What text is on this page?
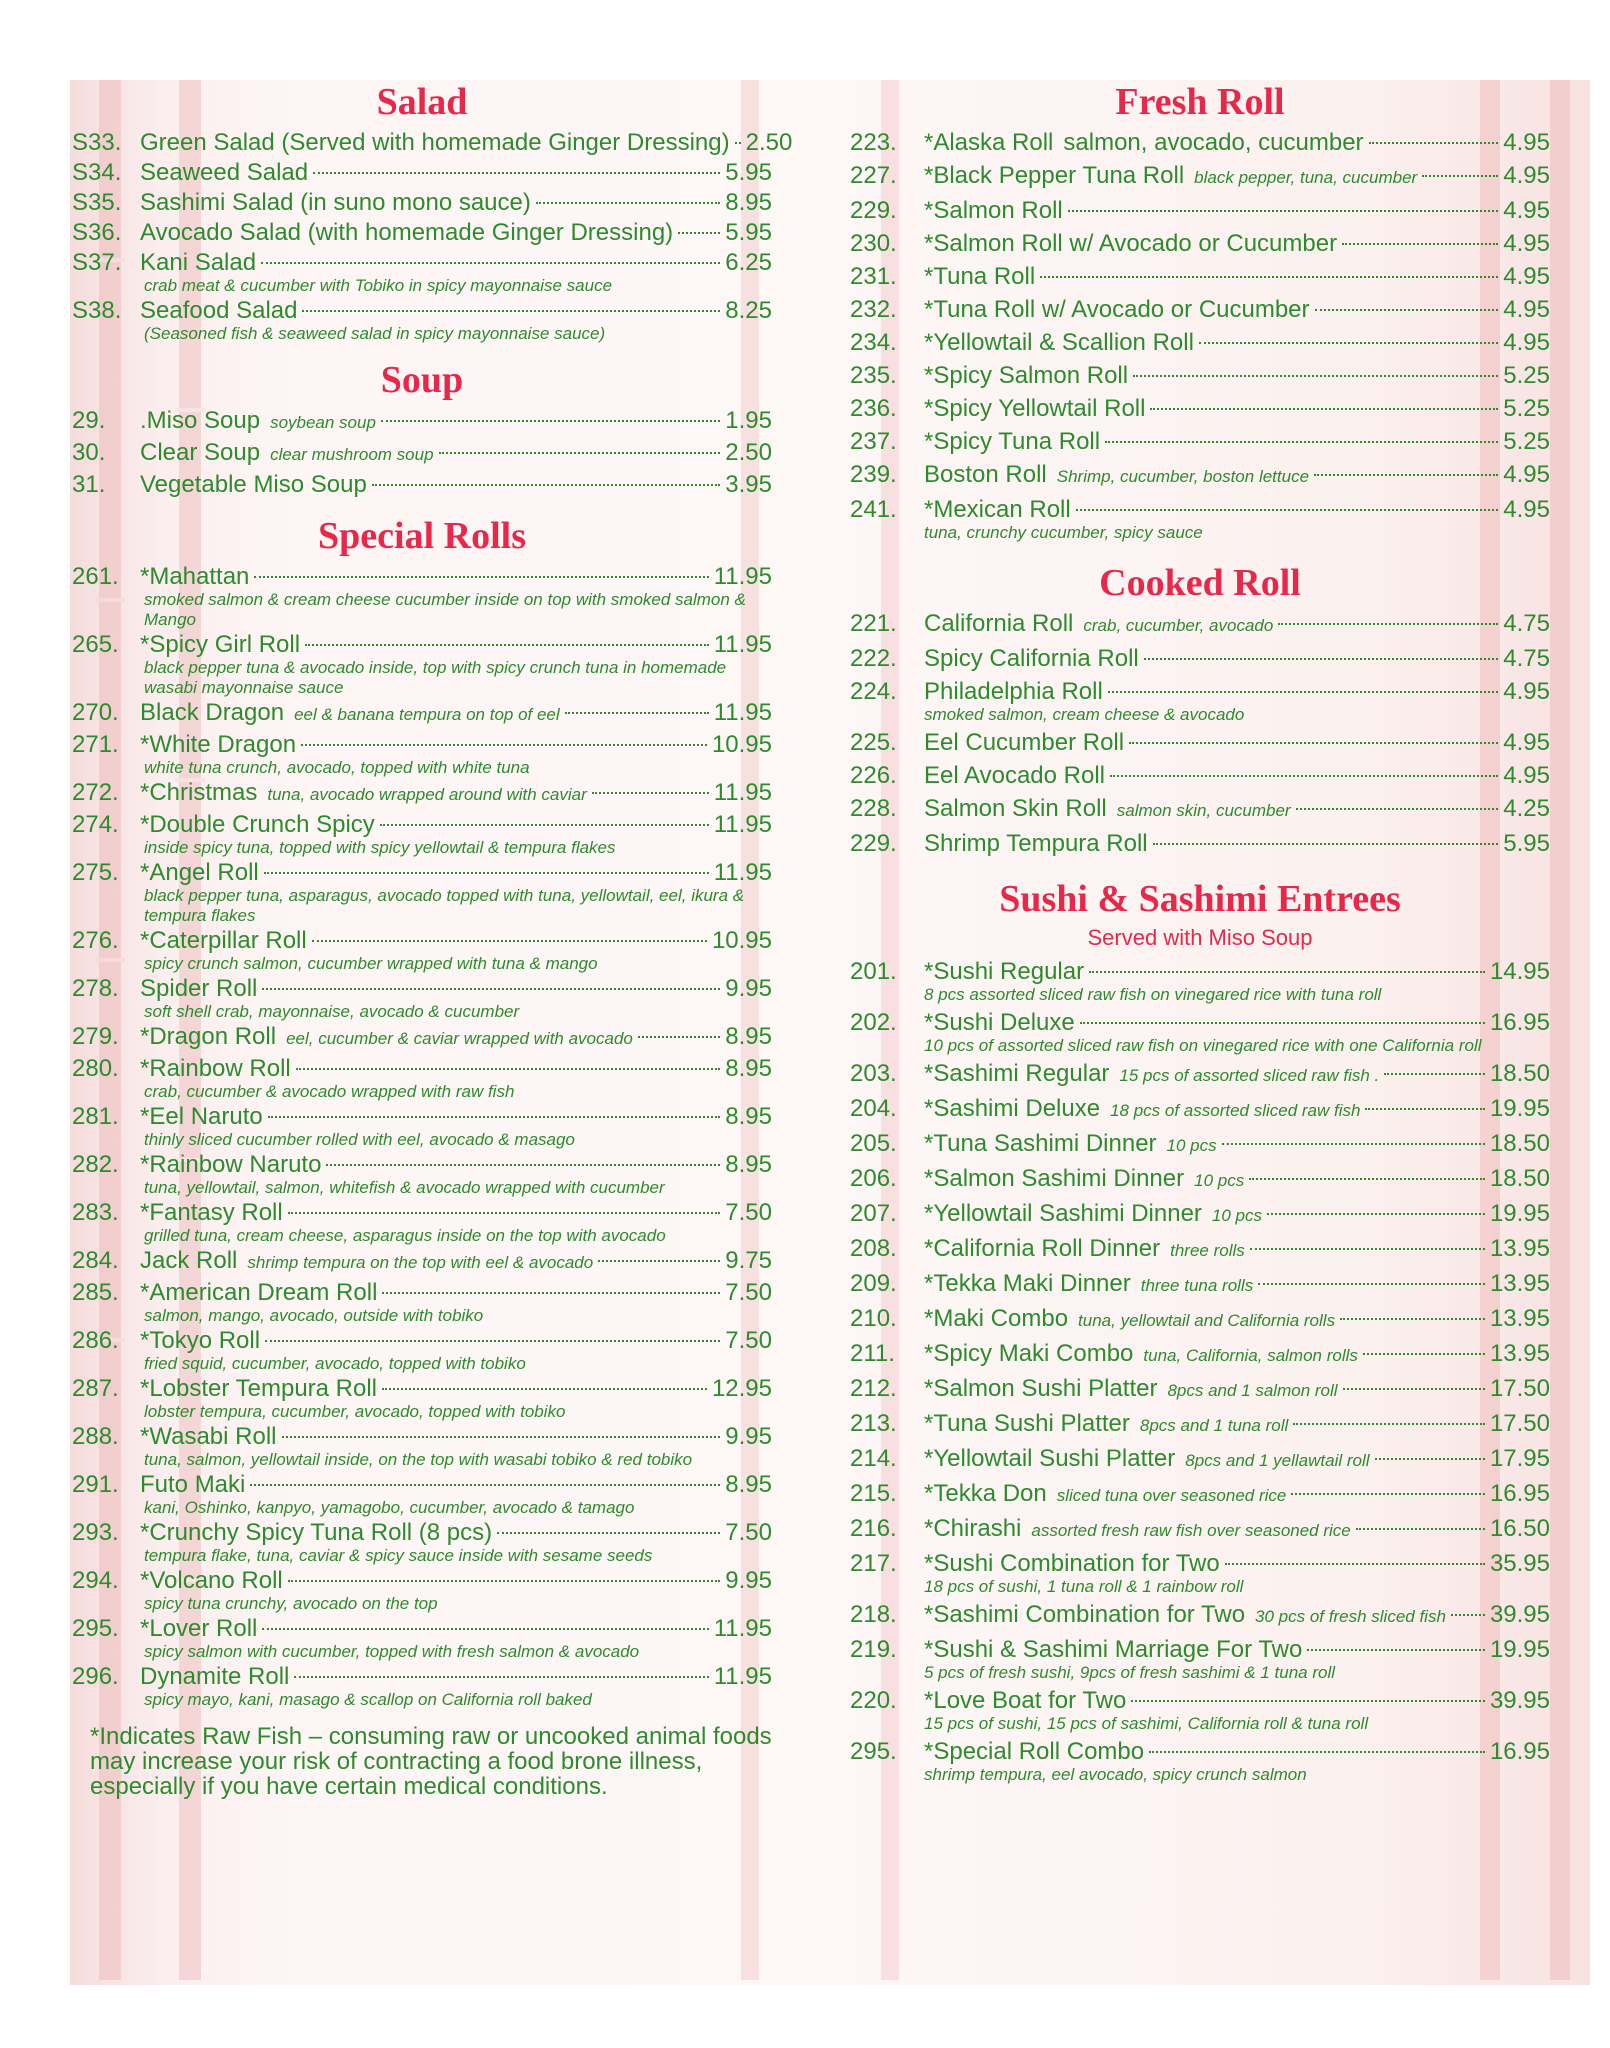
Salad
S33. Green Salad (Served with homemade Ginger Dressing) 2.50
S34. Seaweed Salad	5.95
S35. Sashimi Salad (in suno mono sauce)	8.95
S36. Avocado Salad (with homemade Ginger Dressing) 5.95
S37. Kani Salad	6.25
crab meat & cucumber with Tobiko in spicy mayonnaise sauce
S38. Seafood Salad	8.25
(Seasoned fish & seaweed salad in spicy mayonnaise sauce)
Soup
29.	.Miso Soup soybean soup	1.95
30.	Clear Soup clear mushroom soup	2.50
31.	Vegetable Miso Soup	3.95
Special Rolls
261. *Mahattan	11.95
smoked salmon & cream cheese cucumber inside on top with smoked salmon & Mango
265. *Spicy Girl Roll	11.95
black pepper tuna & avocado inside, top with spicy crunch tuna in homemade wasabi mayonnaise sauce
270. Black Dragon eel & banana tempura on top of eel	11.95
271. *White Dragon	10.95
white tuna crunch, avocado, topped with white tuna
272. *Christmas tuna, avocado wrapped around with caviar	11.95
274. *Double Crunch Spicy	11.95
inside spicy tuna, topped with spicy yellowtail & tempura flakes
275. *Angel Roll	11.95
black pepper tuna, asparagus, avocado topped with tuna, yellowtail, eel, ikura & tempura flakes
276. *Caterpillar Roll	10.95
spicy crunch salmon, cucumber wrapped with tuna & mango
278. Spider Roll	9.95
soft shell crab, mayonnaise, avocado & cucumber
279. *Dragon Roll eel, cucumber & caviar wrapped with avocado	8.95
280. *Rainbow Roll	8.95
crab, cucumber & avocado wrapped with raw fish
281. *Eel Naruto	8.95
thinly sliced cucumber rolled with eel, avocado & masago
282. *Rainbow Naruto	8.95
tuna, yellowtail, salmon, whitefish & avocado wrapped with cucumber
283. *Fantasy Roll	7.50
grilled tuna, cream cheese, asparagus inside on the top with avocado
284. Jack Roll shrimp tempura on the top with eel & avocado	9.75
285. *American Dream Roll	7.50
salmon, mango, avocado, outside with tobiko
286. *Tokyo Roll	7.50
fried squid, cucumber, avocado, topped with tobiko
287. *Lobster Tempura Roll	12.95
lobster tempura, cucumber, avocado, topped with tobiko
288. *Wasabi Roll	9.95
tuna, salmon, yellowtail inside, on the top with wasabi tobiko & red tobiko
291. Futo Maki	8.95
kani, Oshinko, kanpyo, yamagobo, cucumber, avocado & tamago
293. *Crunchy Spicy Tuna Roll (8 pcs)	7.50
tempura flake, tuna, caviar & spicy sauce inside with sesame seeds
294. *Volcano Roll	9.95
spicy tuna crunchy, avocado on the top
295. *Lover Roll	11.95
spicy salmon with cucumber, topped with fresh salmon & avocado
296. Dynamite Roll	11.95
spicy mayo, kani, masago & scallop on California roll baked
*Indicates Raw Fish – consuming raw or uncooked animal foods may increase your risk of contracting a food brone illness, especially if you have certain medical conditions.
Fresh Roll
223.	*Alaska Roll salmon, avocado, cucumber	4.95
227.	*Black Pepper Tuna Roll black pepper, tuna, cucumber	4.95
229.	*Salmon Roll	4.95
230.	*Salmon Roll w/ Avocado or Cucumber	4.95
231.	*Tuna Roll	4.95
232.	*Tuna Roll w/ Avocado or Cucumber	4.95
234.	*Yellowtail & Scallion Roll	4.95
235.	*Spicy Salmon Roll	5.25
236.	*Spicy Yellowtail Roll	5.25
237.	*Spicy Tuna Roll	5.25
239.	Boston Roll Shrimp, cucumber, boston lettuce	4.95
241.	*Mexican Roll	4.95
tuna, crunchy cucumber, spicy sauce
Cooked Roll
221.	California Roll crab, cucumber, avocado	4.75
222.	Spicy California Roll	4.75
224.	Philadelphia Roll	4.95
smoked salmon, cream cheese & avocado
225.	Eel Cucumber Roll	4.95
226.	Eel Avocado Roll	4.95
228.	Salmon Skin Roll salmon skin, cucumber	4.25
229.	Shrimp Tempura Roll	5.95
Sushi & Sashimi Entrees
Served with Miso Soup
201.	*Sushi Regular	14.95
8 pcs assorted sliced raw fish on vinegared rice with tuna roll
202.	*Sushi Deluxe	16.95
10 pcs of assorted sliced raw fish on vinegared rice with one California roll
203.	*Sashimi Regular 15 pcs of assorted sliced raw fish .	18.50
204.	*Sashimi Deluxe 18 pcs of assorted sliced raw fish	19.95
205.	*Tuna Sashimi Dinner 10 pcs	18.50
206.	*Salmon Sashimi Dinner 10 pcs	18.50
207.	*Yellowtail Sashimi Dinner 10 pcs	19.95
208.	*California Roll Dinner three rolls	13.95
209.	*Tekka Maki Dinner three tuna rolls	13.95
210.	*Maki Combo tuna, yellowtail and California rolls	13.95
211.	*Spicy Maki Combo tuna, California, salmon rolls	13.95
212.	*Salmon Sushi Platter 8pcs and 1 salmon roll	17.50
213.	*Tuna Sushi Platter 8pcs and 1 tuna roll	17.50
214.	*Yellowtail Sushi Platter 8pcs and 1 yellawtail roll	17.95
215.	*Tekka Don sliced tuna over seasoned rice	16.95
216.	*Chirashi assorted fresh raw fish over seasoned rice	16.50
217.	*Sushi Combination for Two	35.95
18 pcs of sushi, 1 tuna roll & 1 rainbow roll
218.	*Sashimi Combination for Two 30 pcs of fresh sliced fish 39.95
219.	*Sushi & Sashimi Marriage For Two	19.95
5 pcs of fresh sushi, 9pcs of fresh sashimi & 1 tuna roll
220.	*Love Boat for Two	39.95
15 pcs of sushi, 15 pcs of sashimi, California roll & tuna roll
295.	*Special Roll Combo	16.95
shrimp tempura, eel avocado, spicy crunch salmon
